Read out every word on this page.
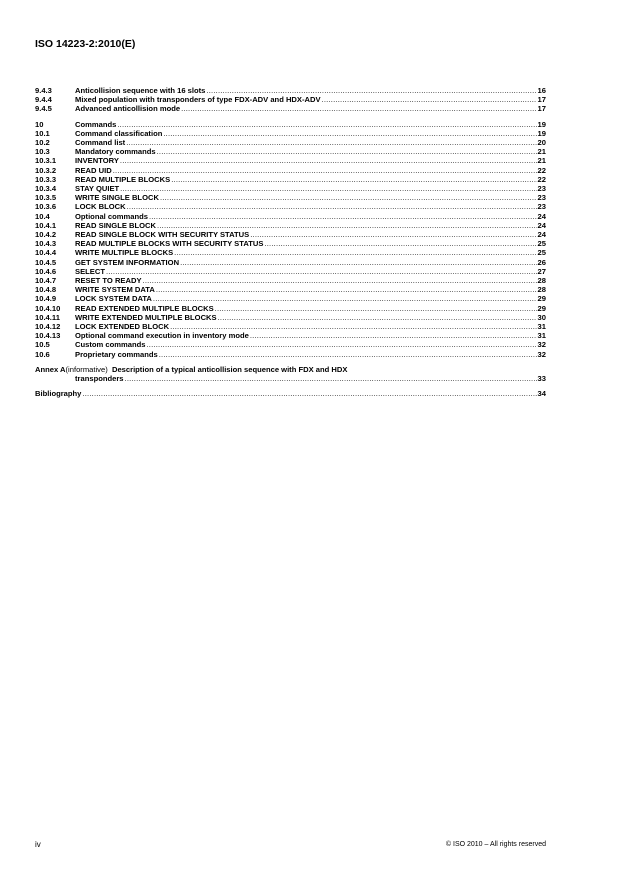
ISO 14223-2:2010(E)
9.4.3	Anticollision sequence with 16 slots .....	16
9.4.4	Mixed population with transponders of type FDX-ADV and HDX-ADV .....	17
9.4.5	Advanced anticollision mode .....	17
10	Commands .....	19
10.1	Command classification .....	19
10.2	Command list .....	20
10.3	Mandatory commands .....	21
10.3.1	INVENTORY .....	21
10.3.2	READ UID .....	22
10.3.3	READ MULTIPLE BLOCKS .....	22
10.3.4	STAY QUIET .....	23
10.3.5	WRITE SINGLE BLOCK .....	23
10.3.6	LOCK BLOCK .....	23
10.4	Optional commands .....	24
10.4.1	READ SINGLE BLOCK .....	24
10.4.2	READ SINGLE BLOCK WITH SECURITY STATUS .....	24
10.4.3	READ MULTIPLE BLOCKS WITH SECURITY STATUS .....	25
10.4.4	WRITE MULTIPLE BLOCKS .....	25
10.4.5	GET SYSTEM INFORMATION .....	26
10.4.6	SELECT .....	27
10.4.7	RESET TO READY .....	28
10.4.8	WRITE SYSTEM DATA .....	28
10.4.9	LOCK SYSTEM DATA .....	29
10.4.10	READ EXTENDED MULTIPLE BLOCKS .....	29
10.4.11	WRITE EXTENDED MULTIPLE BLOCKS .....	30
10.4.12	LOCK EXTENDED BLOCK .....	31
10.4.13	Optional command execution in inventory mode .....	31
10.5	Custom commands .....	32
10.6	Proprietary commands .....	32
Annex A (informative) Description of a typical anticollision sequence with FDX and HDX
transponders .....	33
Bibliography .....	34
iv	© ISO 2010 – All rights reserved
